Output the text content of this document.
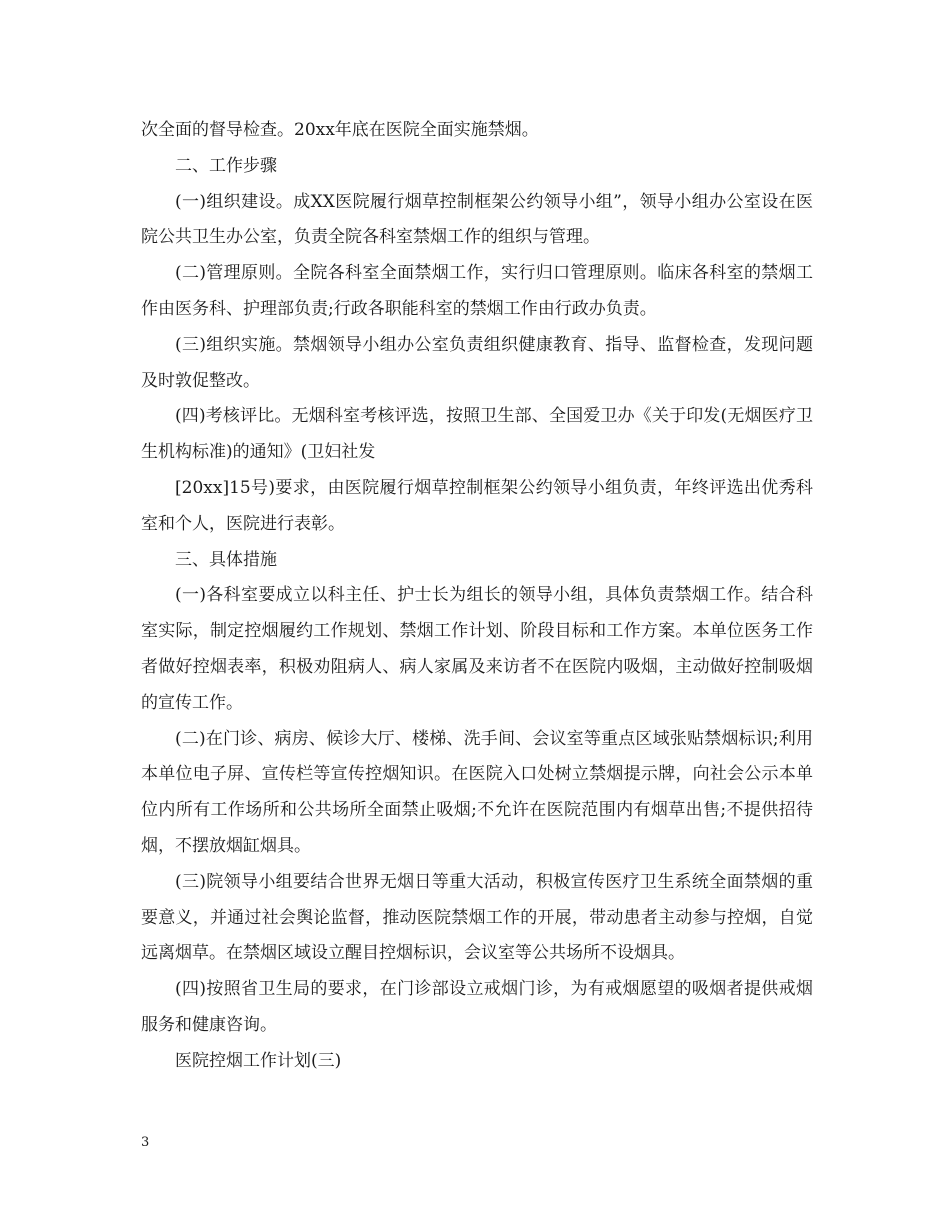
次全面的督导检查。20xx年底在医院全面实施禁烟。

二、工作步骤

(一)组织建设。成XX医院履行烟草控制框架公约领导小组”，领导小组办公室设在医院公共卫生办公室，负责全院各科室禁烟工作的组织与管理。

(二)管理原则。全院各科室全面禁烟工作，实行归口管理原则。临床各科室的禁烟工作由医务科、护理部负责;行政各职能科室的禁烟工作由行政办负责。

(三)组织实施。禁烟领导小组办公室负责组织健康教育、指导、监督检查，发现问题及时敦促整改。

(四)考核评比。无烟科室考核评选，按照卫生部、全国爱卫办《关于印发(无烟医疗卫生机构标准)的通知》(卫妇社发

[20xx]15号)要求，由医院履行烟草控制框架公约领导小组负责，年终评选出优秀科室和个人，医院进行表彰。

三、具体措施

(一)各科室要成立以科主任、护士长为组长的领导小组，具体负责禁烟工作。结合科室实际，制定控烟履约工作规划、禁烟工作计划、阶段目标和工作方案。本单位医务工作者做好控烟表率，积极劝阻病人、病人家属及来访者不在医院内吸烟，主动做好控制吸烟的宣传工作。

(二)在门诊、病房、候诊大厅、楼梯、洗手间、会议室等重点区域张贴禁烟标识;利用本单位电子屏、宣传栏等宣传控烟知识。在医院入口处树立禁烟提示牌，向社会公示本单位内所有工作场所和公共场所全面禁止吸烟;不允许在医院范围内有烟草出售;不提供招待烟，不摆放烟缸烟具。

(三)院领导小组要结合世界无烟日等重大活动，积极宣传医疗卫生系统全面禁烟的重要意义，并通过社会舆论监督，推动医院禁烟工作的开展，带动患者主动参与控烟，自觉远离烟草。在禁烟区域设立醒目控烟标识，会议室等公共场所不设烟具。

(四)按照省卫生局的要求，在门诊部设立戒烟门诊，为有戒烟愿望的吸烟者提供戒烟服务和健康咨询。

医院控烟工作计划(三)

3
